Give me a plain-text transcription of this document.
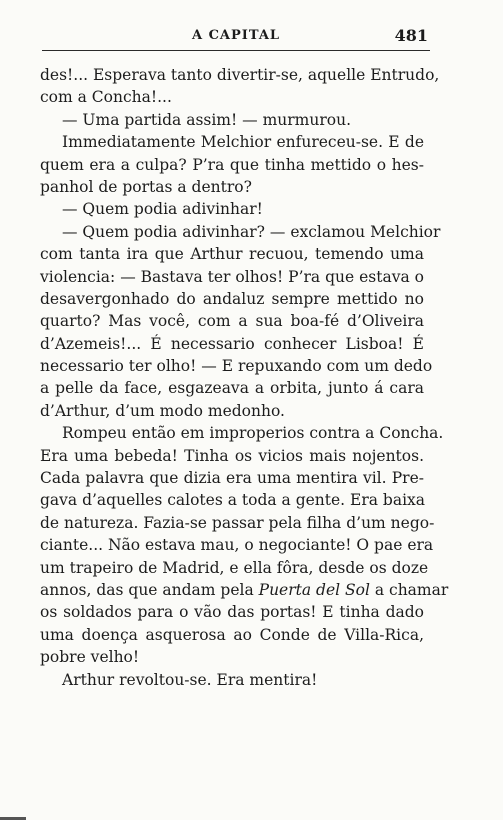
A CAPITAL	481
des!... Esperava tanto divertir-se, aquelle Entrudo,
com a Concha!...
— Uma partida assim! — murmurou.
Immediatamente Melchior enfureceu-se. E de
quem era a culpa? P’ra que tinha mettido o hes-
panhol de portas a dentro?
— Quem podia adivinhar!
— Quem podia adivinhar? — exclamou Melchior
com tanta ira que Arthur recuou, temendo uma
violencia: — Bastava ter olhos! P’ra que estava o
desavergonhado do andaluz sempre mettido no
quarto? Mas você, com a sua boa-fé d’Oliveira
d’Azemeis!... É necessario conhecer Lisboa! É
necessario ter olho! — E repuxando com um dedo
a pelle da face, esgazeava a orbita, junto á cara
d’Arthur, d’um modo medonho.
Rompeu então em improperios contra a Concha.
Era uma bebeda! Tinha os vicios mais nojentos.
Cada palavra que dizia era uma mentira vil. Pre-
gava d’aquelles calotes a toda a gente. Era baixa
de natureza. Fazia-se passar pela filha d’um nego-
ciante... Não estava mau, o negociante! O pae era
um trapeiro de Madrid, e ella fôra, desde os doze
annos, das que andam pela Puerta del Sol a chamar
os soldados para o vão das portas! E tinha dado
uma doença asquerosa ao Conde de Villa-Rica,
pobre velho!
Arthur revoltou-se. Era mentira!
